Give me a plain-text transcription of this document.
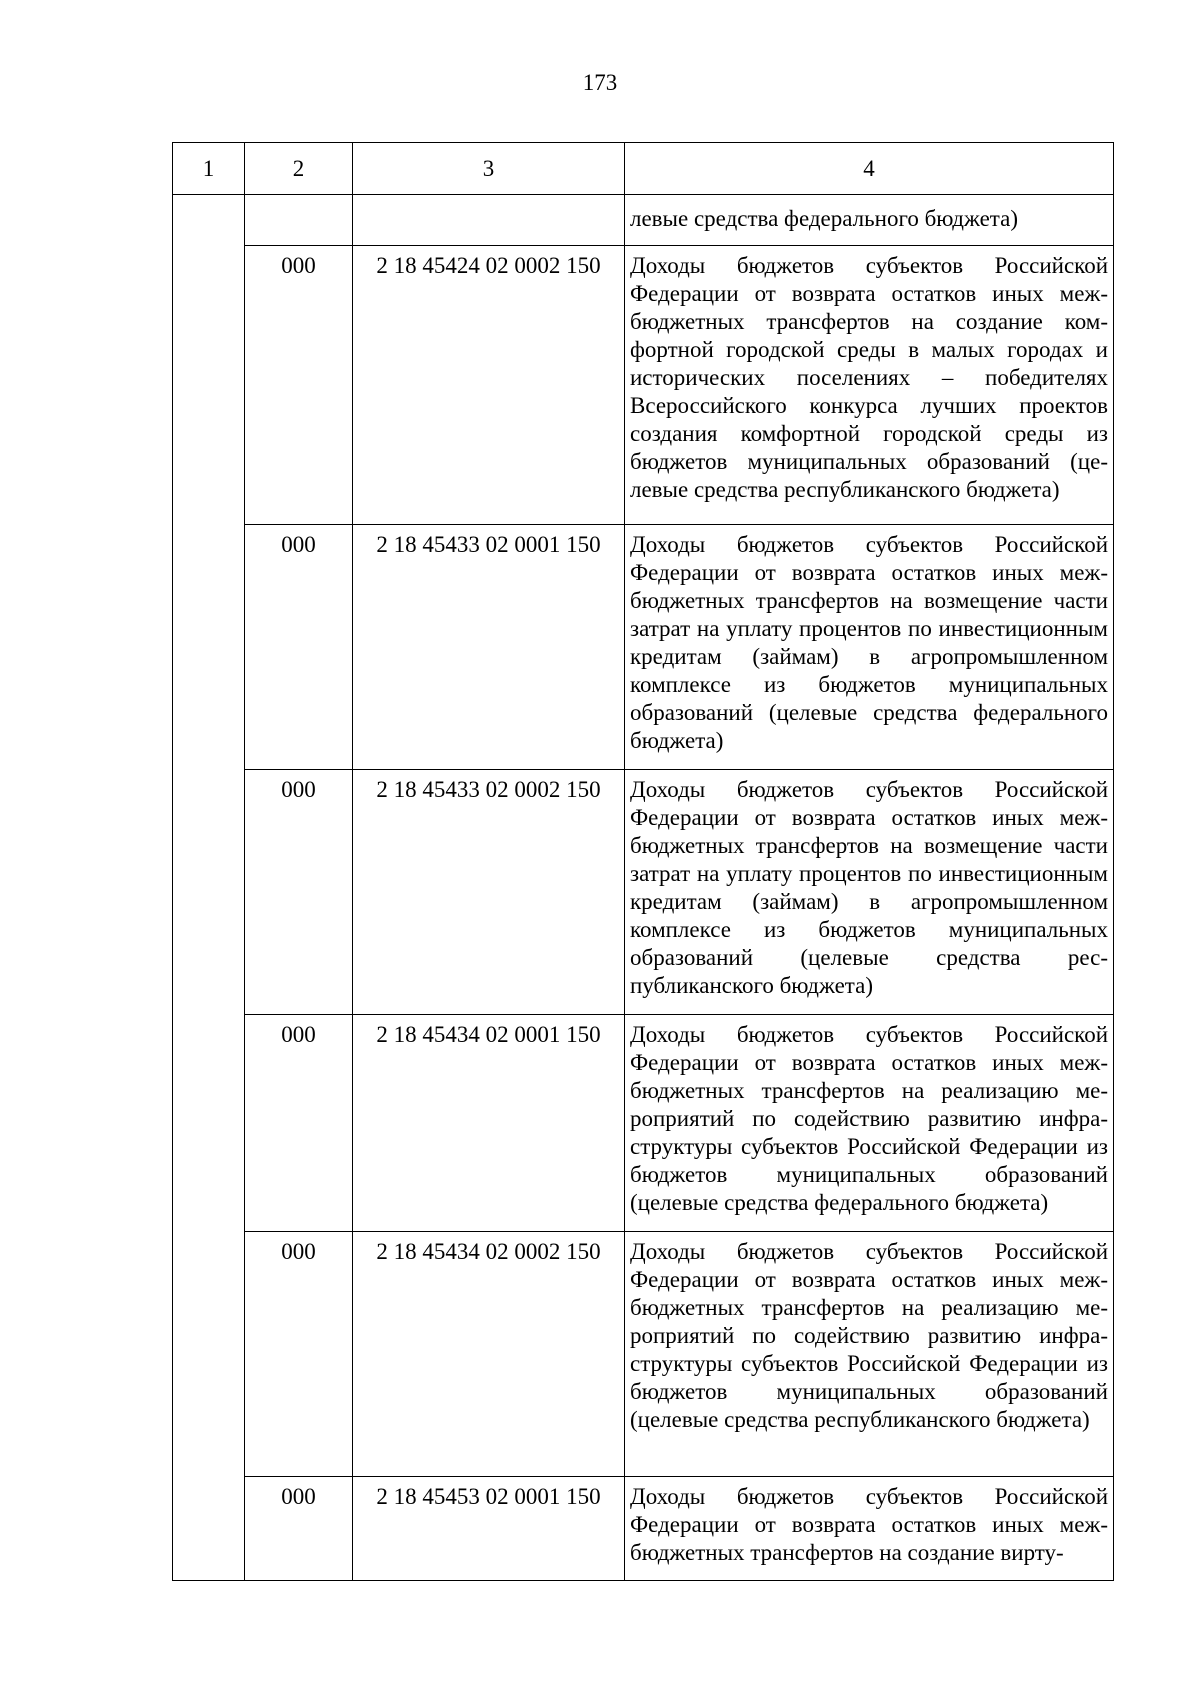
173
1	2	3	4

			левые средства федерального бюджета)

	000	2 18 45424 02 0002 150	Доходы бюджетов субъектов Российской Федерации от возврата остатков иных межбюджетных трансфертов на создание комфортной городской среды в малых городах и исторических поселениях – победителях Всероссийского конкурса лучших проектов создания комфортной городской среды из бюджетов муниципальных образований (целевые средства республиканского бюджета)

	000	2 18 45433 02 0001 150	Доходы бюджетов субъектов Российской Федерации от возврата остатков иных межбюджетных трансфертов на возмещение части затрат на уплату процентов по инвестиционным кредитам (займам) в агропромышленном комплексе из бюджетов муниципальных образований (целевые средства федерального бюджета)

	000	2 18 45433 02 0002 150	Доходы бюджетов субъектов Российской Федерации от возврата остатков иных межбюджетных трансфертов на возмещение части затрат на уплату процентов по инвестиционным кредитам (займам) в агропромышленном комплексе из бюджетов муниципальных образований (целевые средства республиканского бюджета)

	000	2 18 45434 02 0001 150	Доходы бюджетов субъектов Российской Федерации от возврата остатков иных межбюджетных трансфертов на реализацию мероприятий по содействию развитию инфраструктуры субъектов Российской Федерации из бюджетов муниципальных образований (целевые средства федерального бюджета)

	000	2 18 45434 02 0002 150	Доходы бюджетов субъектов Российской Федерации от возврата остатков иных межбюджетных трансфертов на реализацию мероприятий по содействию развитию инфраструктуры субъектов Российской Федерации из бюджетов муниципальных образований (целевые средства республиканского бюджета)

	000	2 18 45453 02 0001 150	Доходы бюджетов субъектов Российской Федерации от возврата остатков иных межбюджетных трансфертов на создание вирту-
